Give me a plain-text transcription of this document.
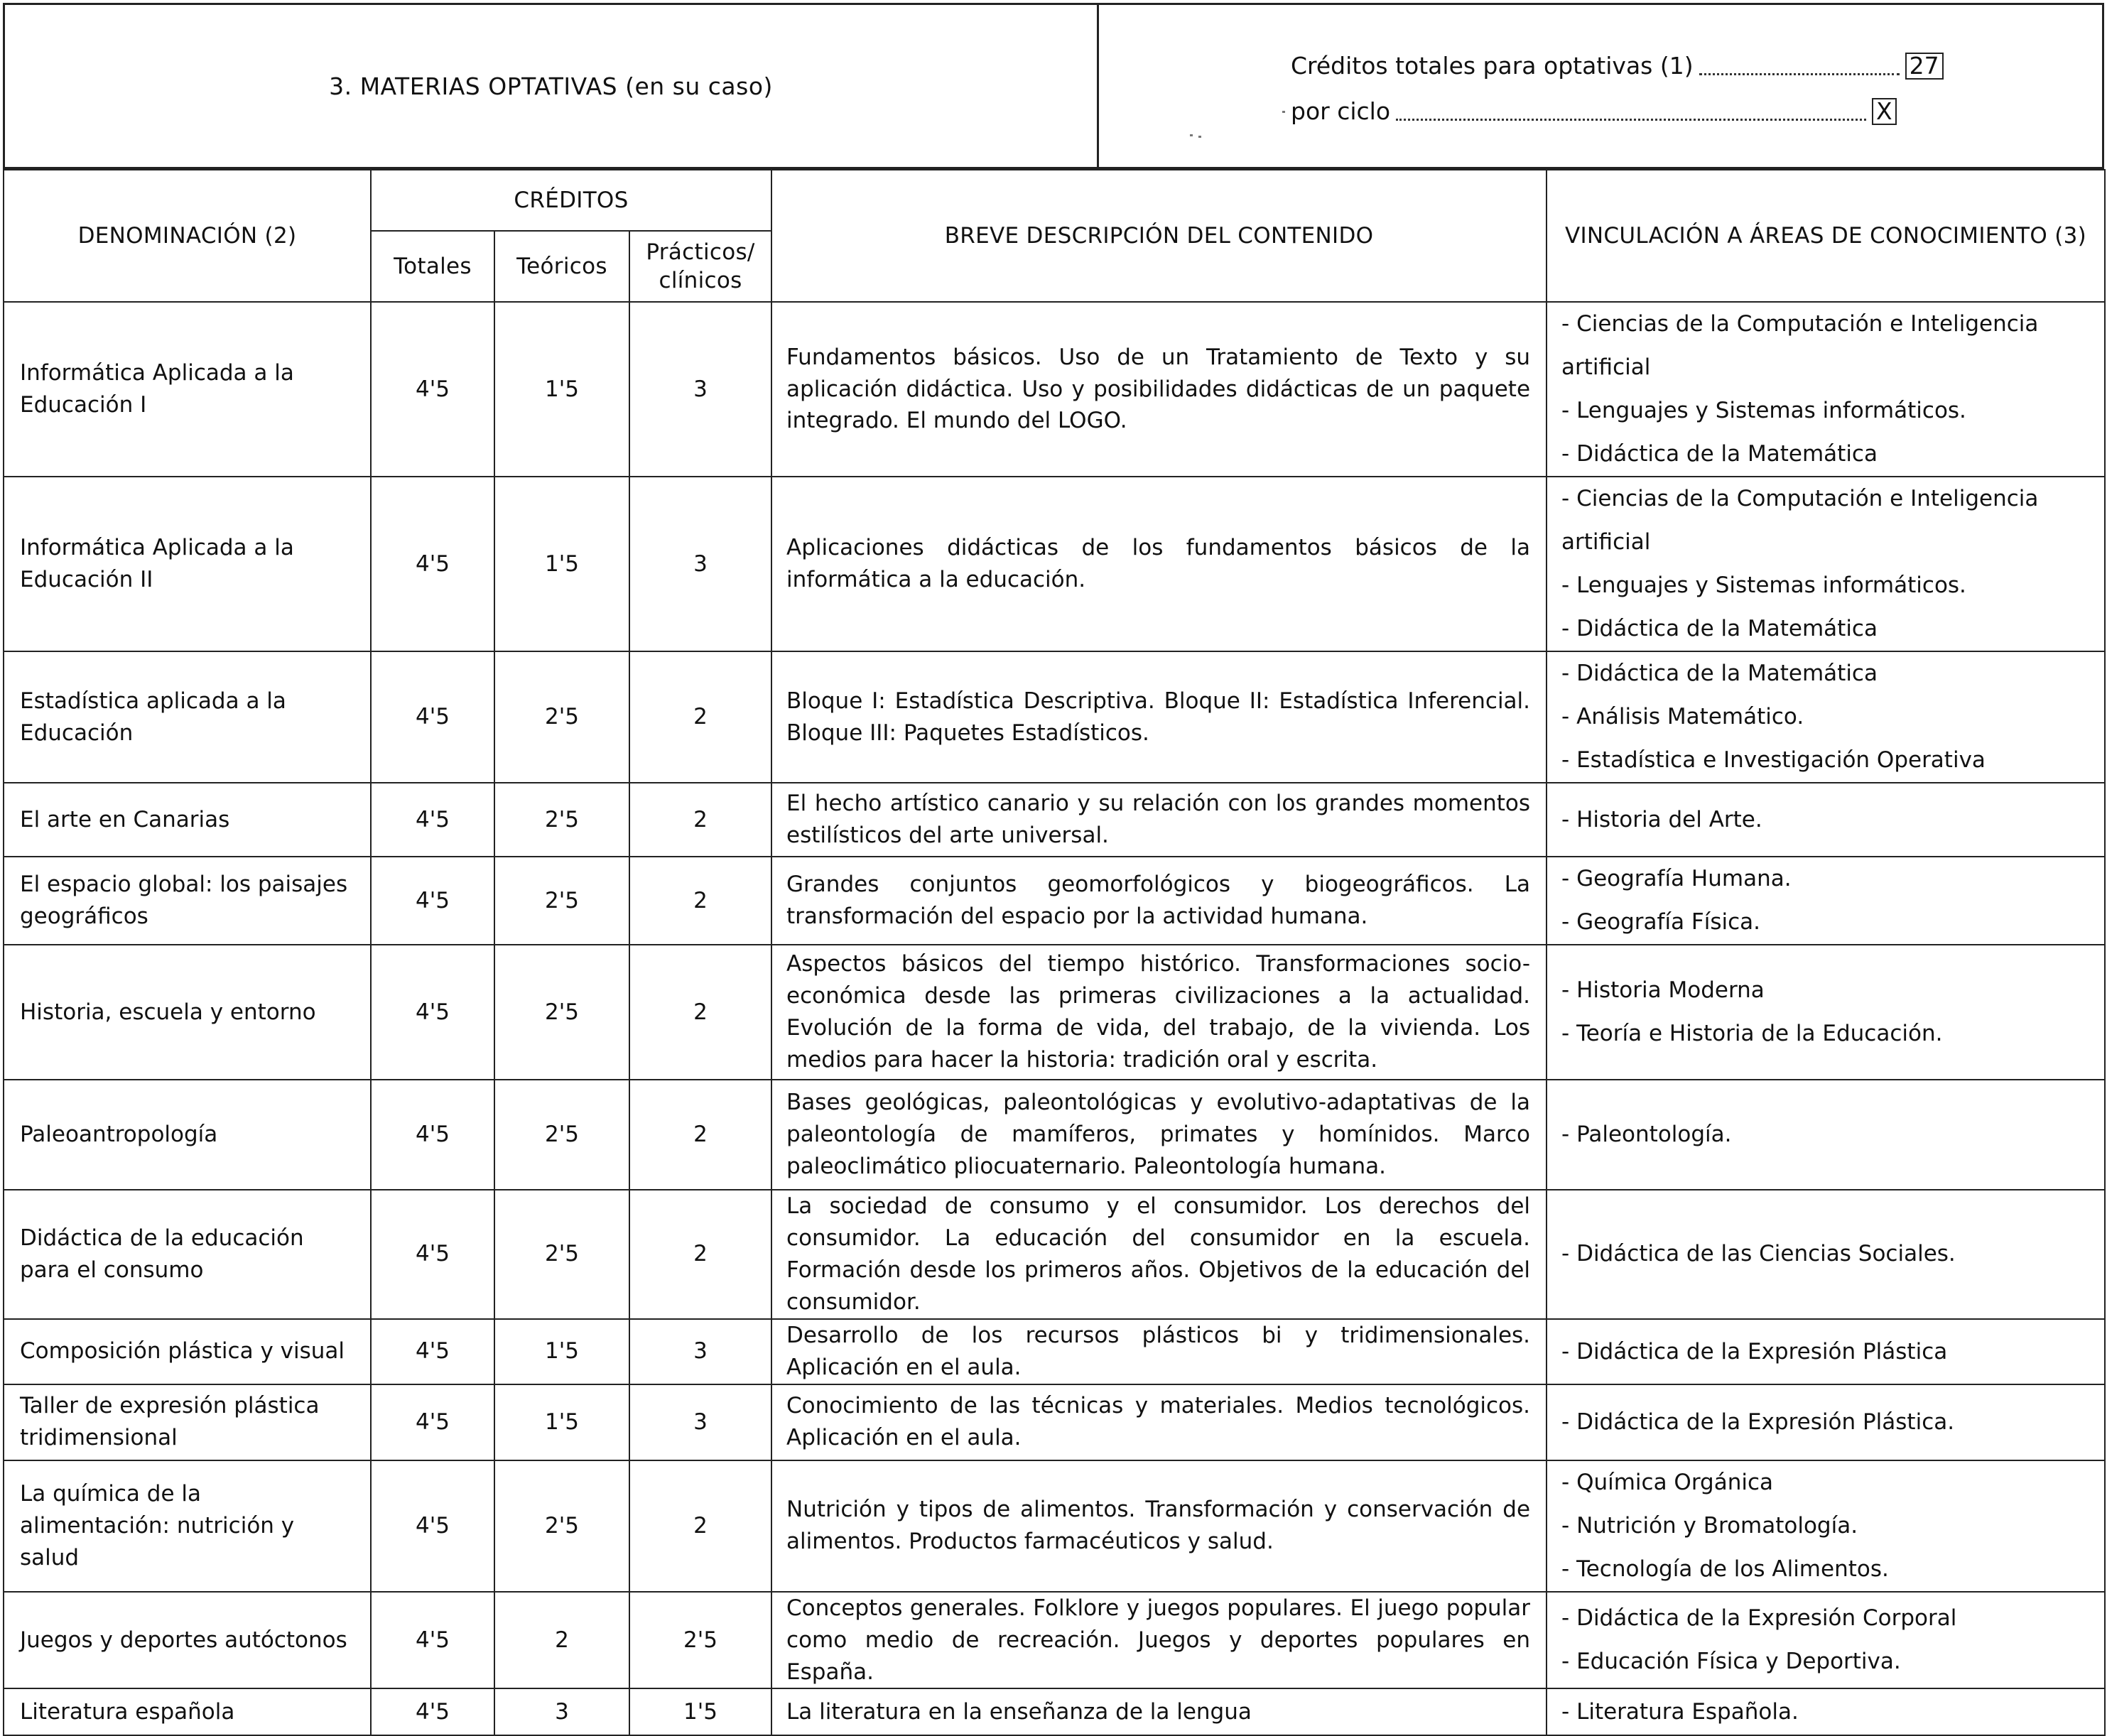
3. MATERIAS OPTATIVAS (en su caso)
Créditos totales para optativas (1)	27
por ciclo	X
DENOMINACIÓN (2)	CRÉDITOS			BREVE DESCRIPCIÓN DEL CONTENIDO	VINCULACIÓN A ÁREAS DE CONOCIMIENTO (3)
	Totales	Teóricos	Prácticos/ clínicos		
Informática Aplicada a la Educación I	4'5	1'5	3	Fundamentos básicos. Uso de un Tratamiento de Texto y su aplicación didáctica. Uso y posibilidades didácticas de un paquete integrado. El mundo del LOGO.	- Ciencias de la Computación e Inteligencia artificial
- Lenguajes y Sistemas informáticos.
- Didáctica de la Matemática

Informática Aplicada a la Educación II	4'5	1'5	3	Aplicaciones didácticas de los fundamentos básicos de la informática a la educación.	- Ciencias de la Computación e Inteligencia artificial
- Lenguajes y Sistemas informáticos.
- Didáctica de la Matemática

Estadística aplicada a la Educación	4'5	2'5	2	Bloque I: Estadística Descriptiva. Bloque II: Estadística Inferencial. Bloque III: Paquetes Estadísticos.	- Didáctica de la Matemática
- Análisis Matemático.
- Estadística e Investigación Operativa

El arte en Canarias	4'5	2'5	2	El hecho artístico canario y su relación con los grandes momentos estilísticos del arte universal.	- Historia del Arte.

El espacio global: los paisajes geográficos	4'5	2'5	2	Grandes conjuntos geomorfológicos y biogeográficos. La transformación del espacio por la actividad humana.	- Geografía Humana.
- Geografía Física.

Historia, escuela y entorno	4'5	2'5	2	Aspectos básicos del tiempo histórico. Transformaciones socio-económica desde las primeras civilizaciones a la actualidad. Evolución de la forma de vida, del trabajo, de la vivienda. Los medios para hacer la historia: tradición oral y escrita.	- Historia Moderna
- Teoría e Historia de la Educación.

Paleoantropología	4'5	2'5	2	Bases geológicas, paleontológicas y evolutivo-adaptativas de la paleontología de mamíferos, primates y homínidos. Marco paleoclimático pliocuaternario. Paleontología humana.	- Paleontología.

Didáctica de la educación para el consumo	4'5	2'5	2	La sociedad de consumo y el consumidor. Los derechos del consumidor. La educación del consumidor en la escuela. Formación desde los primeros años. Objetivos de la educación del consumidor.	- Didáctica de las Ciencias Sociales.

Composición plástica y visual	4'5	1'5	3	Desarrollo de los recursos plásticos bi y tridimensionales. Aplicación en el aula.	- Didáctica de la Expresión Plástica

Taller de expresión plástica tridimensional	4'5	1'5	3	Conocimiento de las técnicas y materiales. Medios tecnológicos. Aplicación en el aula.	- Didáctica de la Expresión Plástica.

La química de la alimentación: nutrición y salud	4'5	2'5	2	Nutrición y tipos de alimentos. Transformación y conservación de alimentos. Productos farmacéuticos y salud.	- Química Orgánica
- Nutrición y Bromatología.
- Tecnología de los Alimentos.

Juegos y deportes autóctonos	4'5	2	2'5	Conceptos generales. Folklore y juegos populares. El juego popular como medio de recreación. Juegos y deportes populares en España.	- Didáctica de la Expresión Corporal
- Educación Física y Deportiva.

Literatura española	4'5	3	1'5	La literatura en la enseñanza de la lengua	- Literatura Española.
